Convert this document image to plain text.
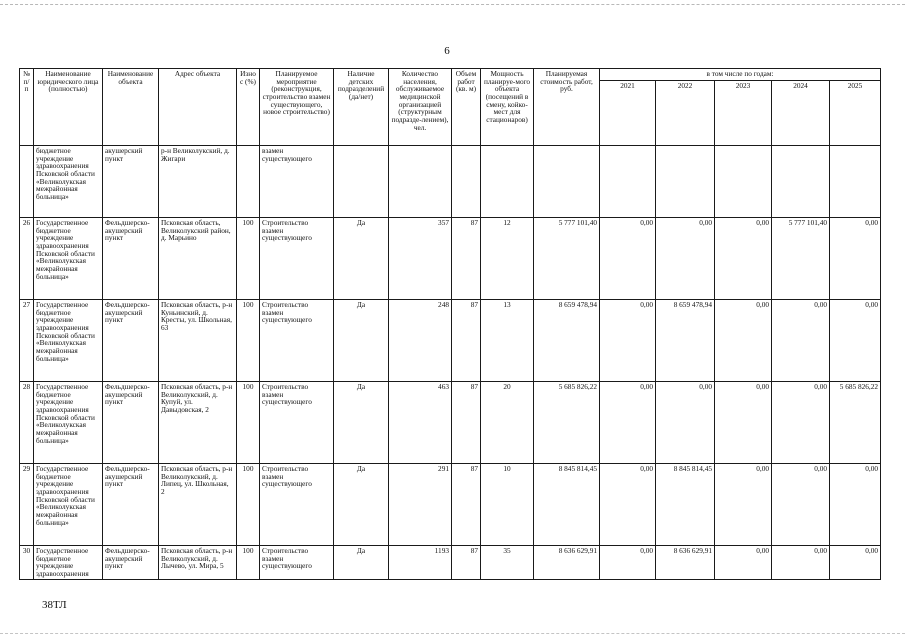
6
№ п/п	Наименование юридического лица (полностью)	Наименование объекта	Адрес объекта	Износ (%)	Планируемое мероприятие (реконструкция, строительство взамен существующего, новое строительство)	Наличие детских подразделений (да/нет)	Количество населения, обслуживаемое медицинской организацией (структурным подразде-лением), чел.	Объем работ (кв. м)	Мощность планируе-мого объекта (посещений в смену, койко-мест для стационаров)	Планируемая стоимость работ, руб.	в том числе по годам:				
											2021	2022	2023	2024	2025
	бюджетное учреждение здравоохранения Псковской области «Великолукская межрайонная больница»	акушерский пункт	р-н Великолукский, д. Жигари		взамен существующего										
26	Государственное бюджетное учреждение здравоохранения Псковской области «Великолукская межрайонная больница»	Фельдшерско-акушерский пункт	Псковская область, Великолукский район, д. Марьино	100	Строительство взамен существующего	Да	357	87	12	5 777 101,40	0,00	0,00	0,00	5 777 101,40	0,00
27	Государственное бюджетное учреждение здравоохранения Псковской области «Великолукская межрайонная больница»	Фельдшерско-акушерский пункт	Псковская область, р-н Куньинский, д. Кресты, ул. Школьная, 63	100	Строительство взамен существующего	Да	248	87	13	8 659 478,94	0,00	8 659 478,94	0,00	0,00	0,00
28	Государственное бюджетное учреждение здравоохранения Псковской области «Великолукская межрайонная больница»	Фельдшерско-акушерский пункт	Псковская область, р-н Великолукский, д. Купуй, ул. Давыдовская, 2	100	Строительство взамен существующего	Да	463	87	20	5 685 826,22	0,00	0,00	0,00	0,00	5 685 826,22
29	Государственное бюджетное учреждение здравоохранения Псковской области «Великолукская межрайонная больница»	Фельдшерско-акушерский пункт	Псковская область, р-н Великолукский, д. Липец, ул. Школьная, 2	100	Строительство взамен существующего	Да	291	87	10	8 845 814,45	0,00	8 845 814,45	0,00	0,00	0,00
30	Государственное бюджетное учреждение здравоохранения	Фельдшерско-акушерский пункт	Псковская область, р-н Великолукский, д. Лычево, ул. Мира, 5	100	Строительство взамен существующего	Да	1193	87	35	8 636 629,91	0,00	8 636 629,91	0,00	0,00	0,00
38ТЛ
